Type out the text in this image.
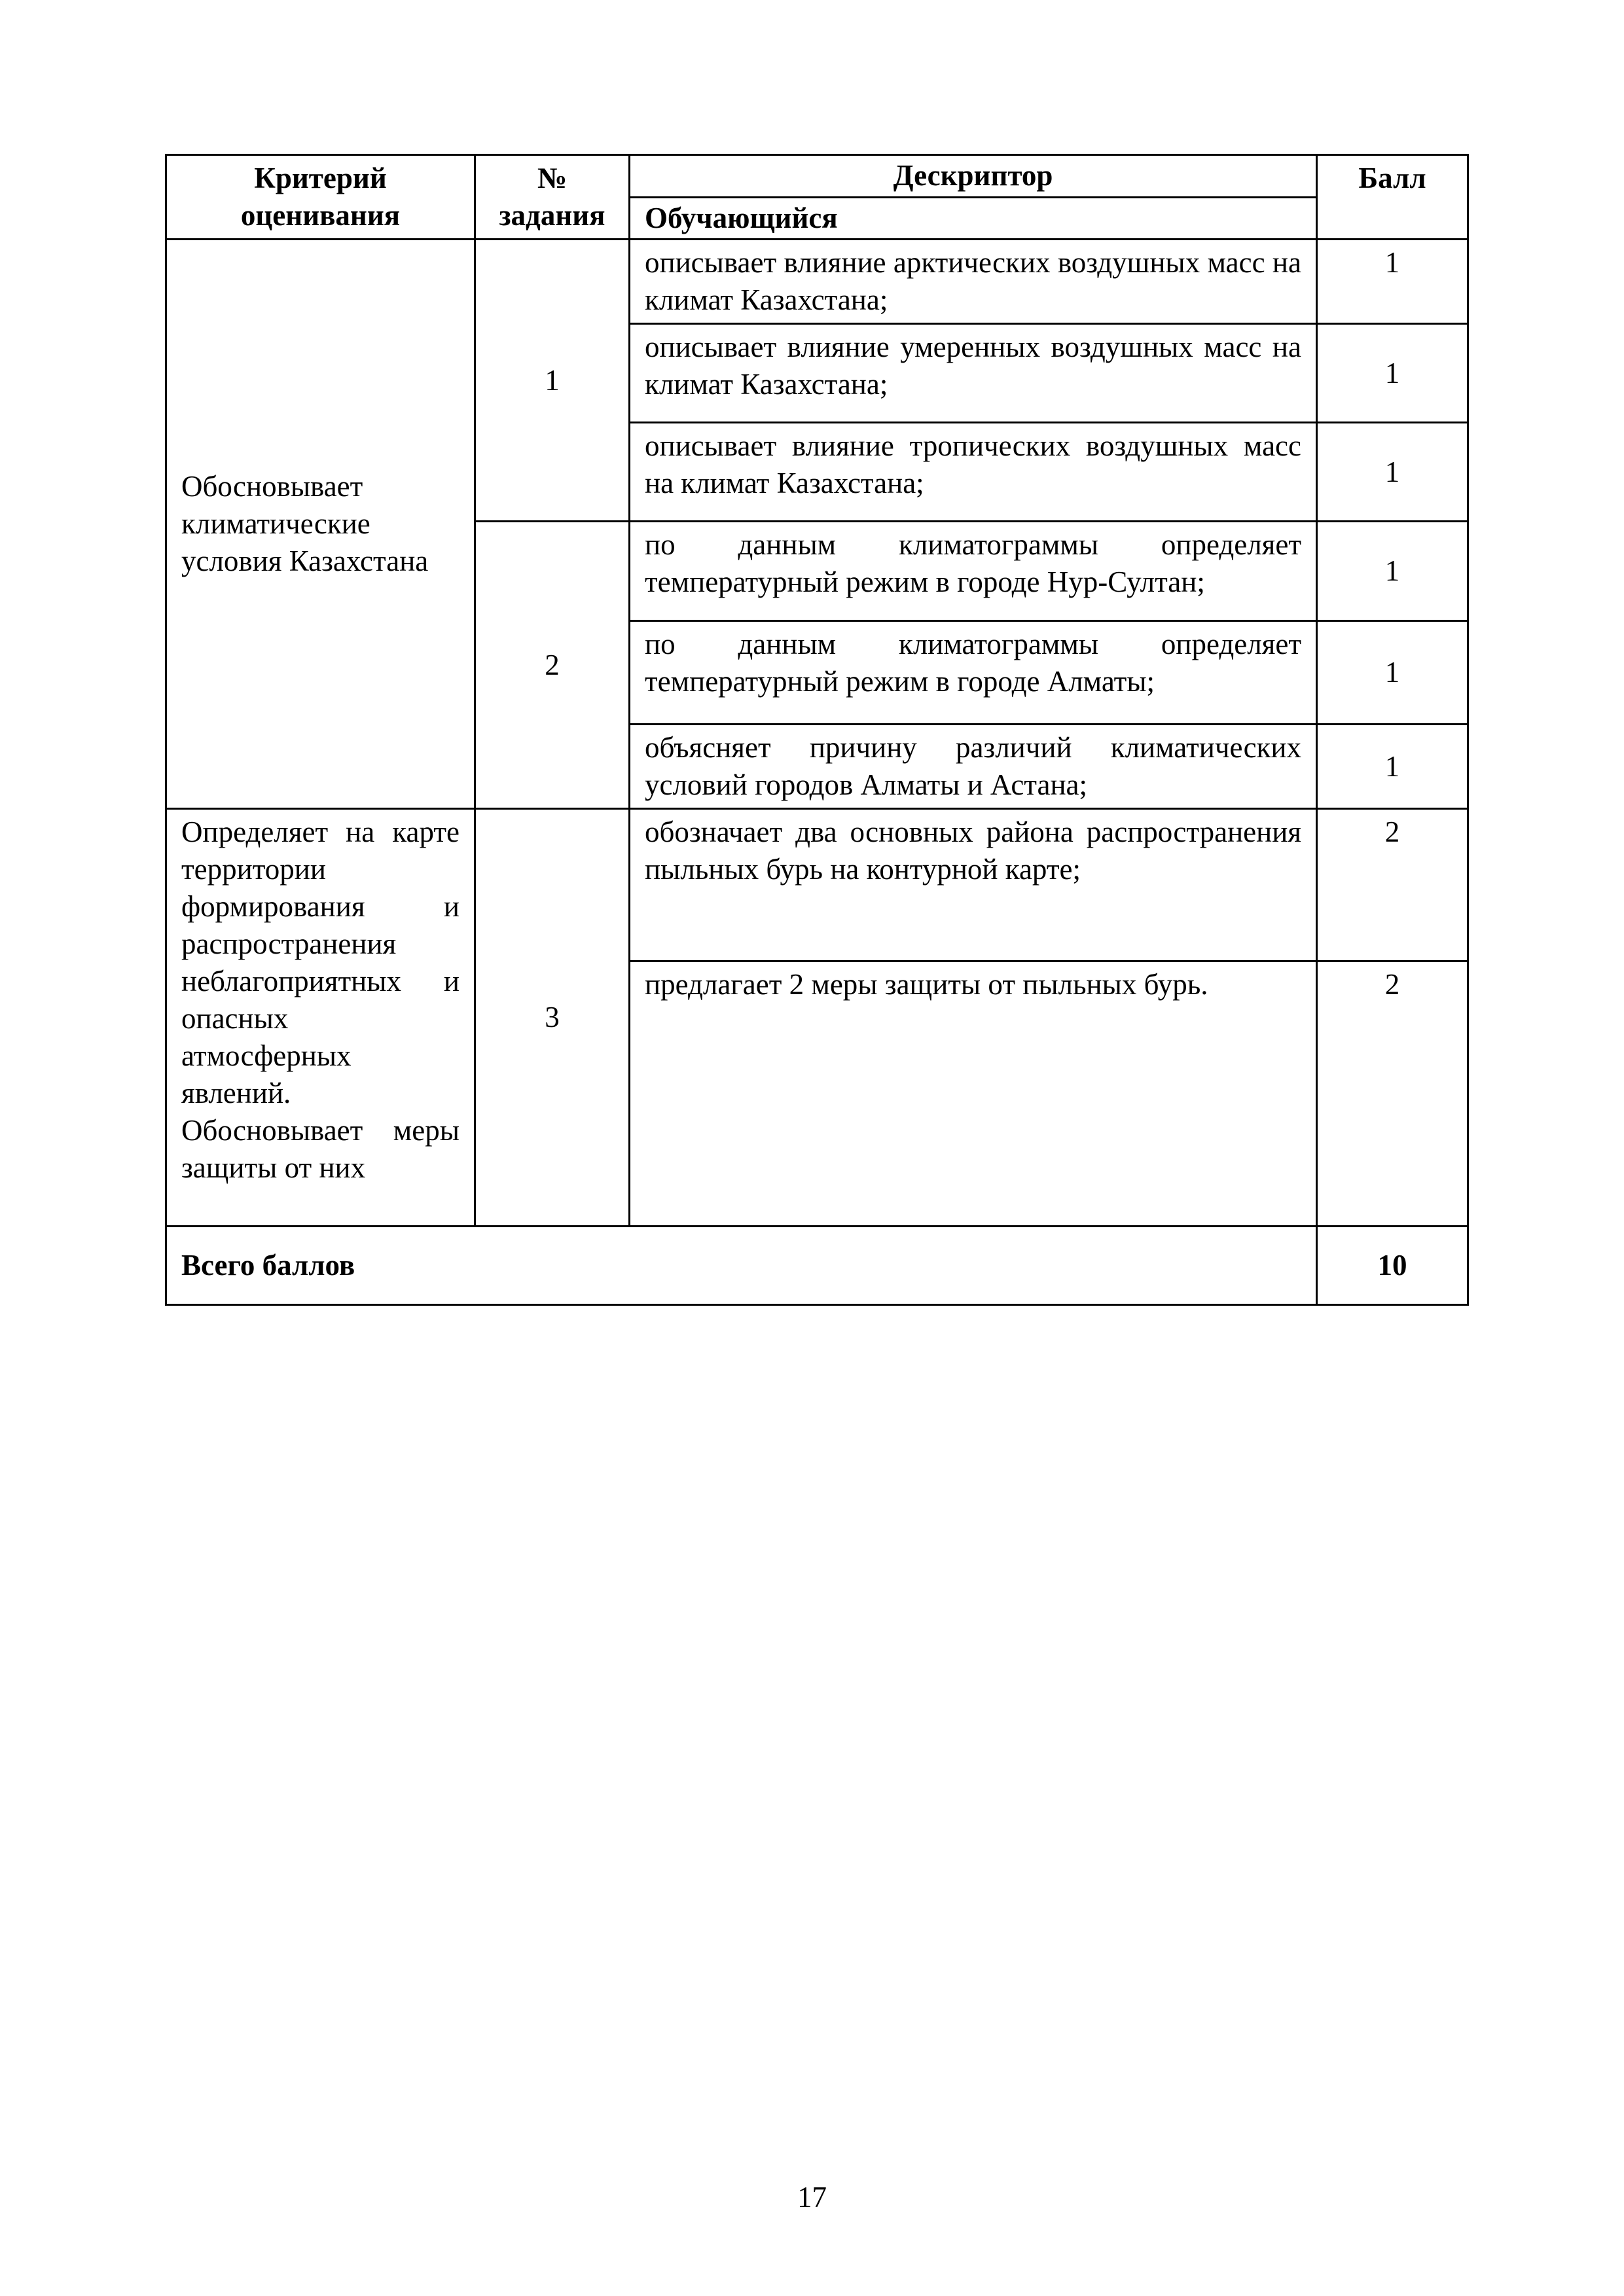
Критерий оценивания	№ задания	Дескриптор	Балл
		Обучающийся	
Обосновывает климатические условия Казахстана	1	описывает влияние арктических воздушных масс на климат Казахстана;	1
		описывает влияние умеренных воздушных масс на климат Казахстана;	1
		описывает влияние тропических воздушных масс на климат Казахстана;	1
	2	по данным климатограммы определяет температурный режим в городе Нур-Султан;	1
		по данным климатограммы определяет температурный режим в городе Алматы;	1
		объясняет причину различий климатических условий городов Алматы и Астана;	1
Определяет на карте территории формирования и распространения неблагоприятных и опасных атмосферных явлений. Обосновывает меры защиты от них	3	обозначает два основных района распространения пыльных бурь на контурной карте;	2
		предлагает 2 меры защиты от пыльных бурь.	2
Всего баллов			10
17
